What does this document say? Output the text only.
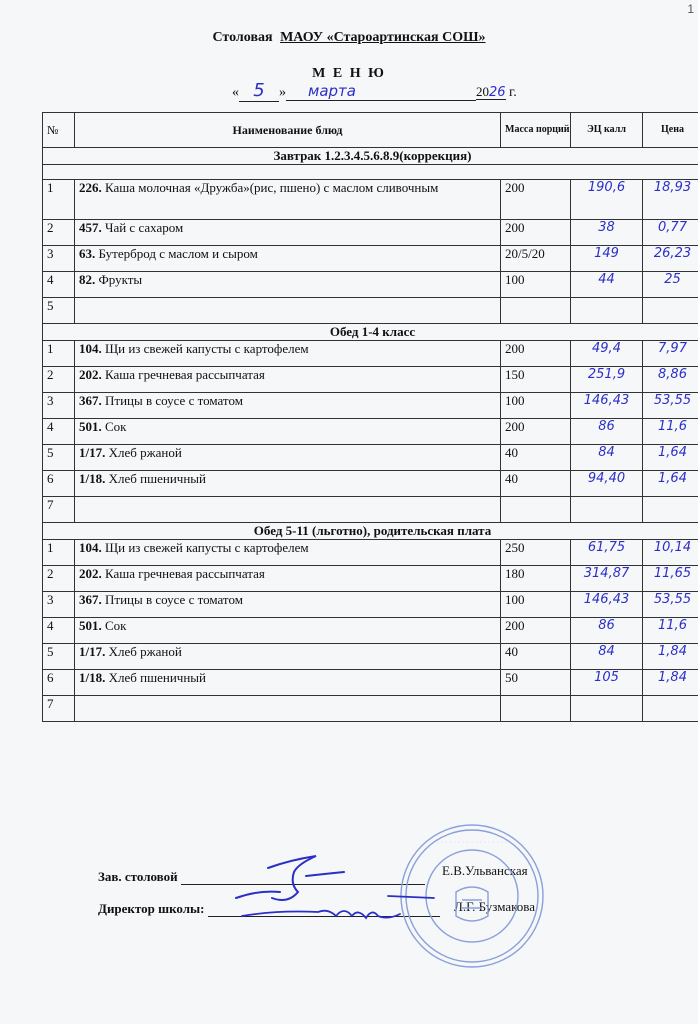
1
Столовая МАОУ «Староартинская СОШ»
М Е Н Ю
« 5 » марта	2026 г.
№	Наименование блюд	Масса порций	ЭЦ калл	Цена
Завтрак 1.2.3.4.5.6.8.9(коррекция)				

1	226. Каша молочная «Дружба»(рис, пшено) с маслом сливочным	200	190,6	18,93
2	457. Чай с сахаром	200	38	0,77
3	63. Бутерброд с маслом и сыром	20/5/20	149	26,23
4	82. Фрукты	100	44	25
5				
Обед 1-4 класс				
1	104. Щи из свежей капусты с картофелем	200	49,4	7,97
2	202. Каша гречневая рассыпчатая	150	251,9	8,86
3	367. Птицы в соусе с томатом	100	146,43	53,55
4	501. Сок	200	86	11,6
5	1/17. Хлеб ржаной	40	84	1,64
6	1/18. Хлеб пшеничный	40	94,40	1,64
7				
Обед 5-11 (льготно), родительская плата				
1	104. Щи из свежей капусты с картофелем	250	61,75	10,14
2	202. Каша гречневая рассыпчатая	180	314,87	11,65
3	367. Птицы в соусе с томатом	100	146,43	53,55
4	501. Сок	200	86	11,6
5	1/17. Хлеб ржаной	40	84	1,84
6	1/18. Хлеб пшеничный	50	105	1,84
7				
Зав. столовой	Е.В.Ульванская
Директор школы:	Л.Г. Бузмакова
· · · · · · · · · · · · · · · · ·
